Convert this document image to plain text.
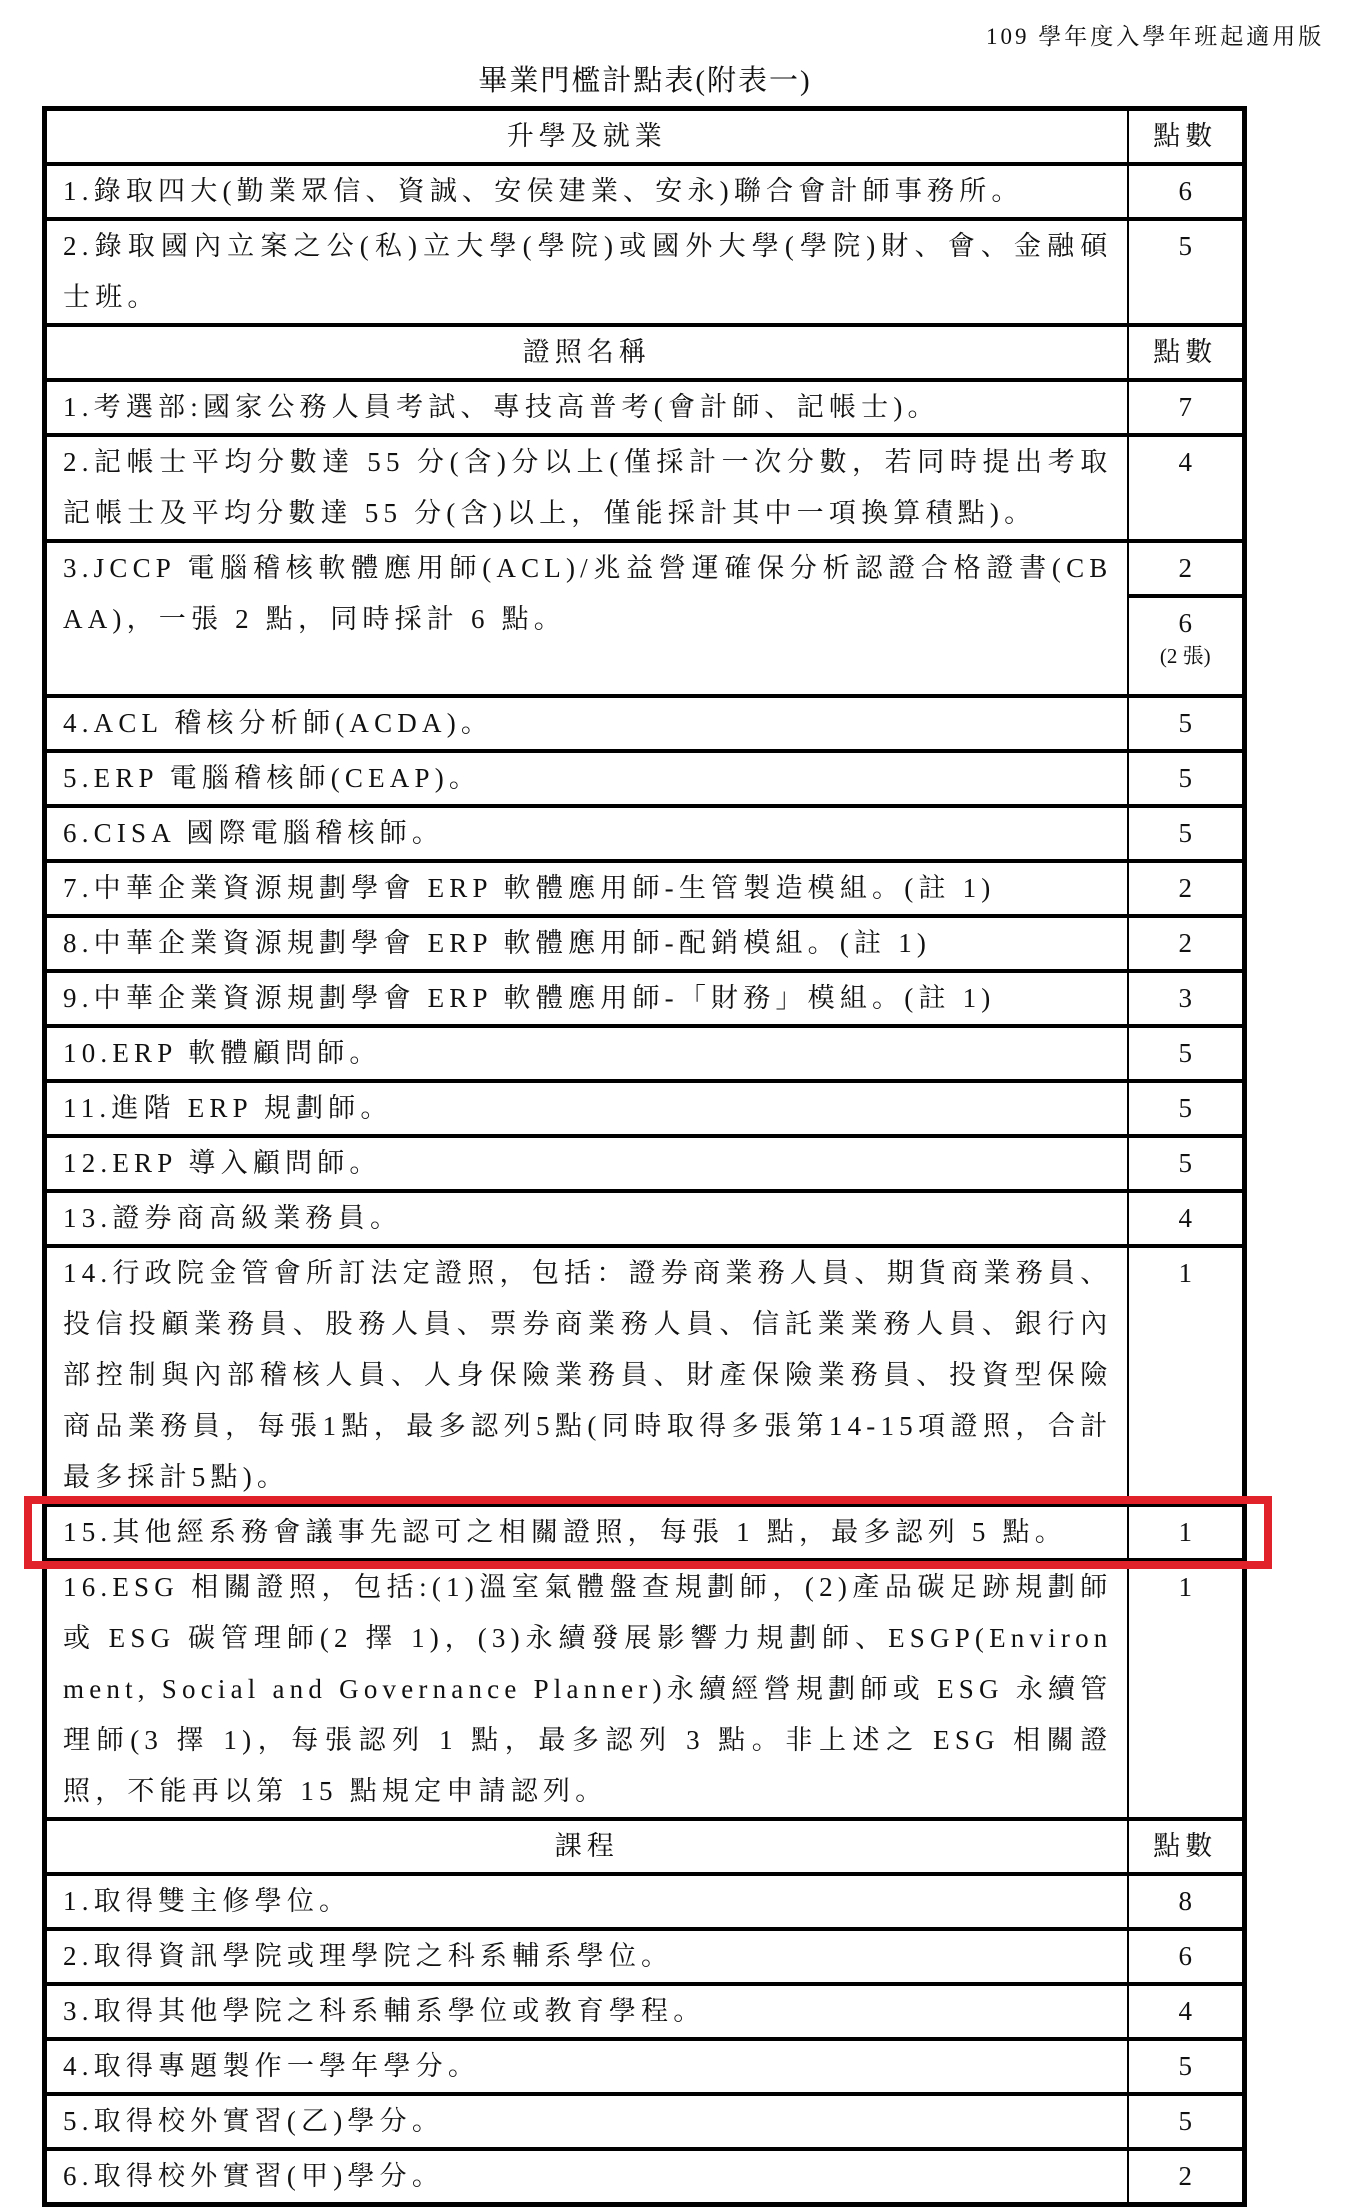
109 學年度入學年班起適用版
畢業門檻計點表(附表一)
升學及就業	點數
1.錄取四大(勤業眾信、資誠、安侯建業、安永)聯合會計師事務所。	6
2.錄取國內立案之公(私)立大學(學院)或國外大學(學院)財、會、金融碩士班。	5
證照名稱	點數
1.考選部:國家公務人員考試、專技高普考(會計師、記帳士)。	7
2.記帳士平均分數達 55 分(含)分以上(僅採計一次分數，若同時提出考取記帳士及平均分數達 55 分(含)以上，僅能採計其中一項換算積點)。	4
3.JCCP 電腦稽核軟體應用師(ACL)/兆益營運確保分析認證合格證書(CBAA)，一張 2 點，同時採計 6 點。	2
	6
(2 張)

4.ACL 稽核分析師(ACDA)。	5
5.ERP 電腦稽核師(CEAP)。	5
6.CISA 國際電腦稽核師。	5
7.中華企業資源規劃學會 ERP 軟體應用師-生管製造模組。(註 1)	2
8.中華企業資源規劃學會 ERP 軟體應用師-配銷模組。(註 1)	2
9.中華企業資源規劃學會 ERP 軟體應用師-「財務」模組。(註 1)	3
10.ERP 軟體顧問師。	5
11.進階 ERP 規劃師。	5
12.ERP 導入顧問師。	5
13.證券商高級業務員。	4
14.行政院金管會所訂法定證照，包括：證券商業務人員、期貨商業務員、投信投顧業務員、股務人員、票券商業務人員、信託業業務人員、銀行內部控制與內部稽核人員、人身保險業務員、財產保險業務員、投資型保險商品業務員，每張1點，最多認列5點(同時取得多張第14-15項證照，合計最多採計5點)。	1
15.其他經系務會議事先認可之相關證照，每張 1 點，最多認列 5 點。	1
16.ESG 相關證照，包括:(1)溫室氣體盤查規劃師，(2)產品碳足跡規劃師或 ESG 碳管理師(2 擇 1)，(3)永續發展影響力規劃師、ESGP(Environment, Social and Governance Planner)永續經營規劃師或 ESG 永續管理師(3 擇 1)，每張認列 1 點，最多認列 3 點。非上述之 ESG 相關證照，不能再以第 15 點規定申請認列。	1
課程	點數
1.取得雙主修學位。	8
2.取得資訊學院或理學院之科系輔系學位。	6
3.取得其他學院之科系輔系學位或教育學程。	4
4.取得專題製作一學年學分。	5
5.取得校外實習(乙)學分。	5
6.取得校外實習(甲)學分。	2
